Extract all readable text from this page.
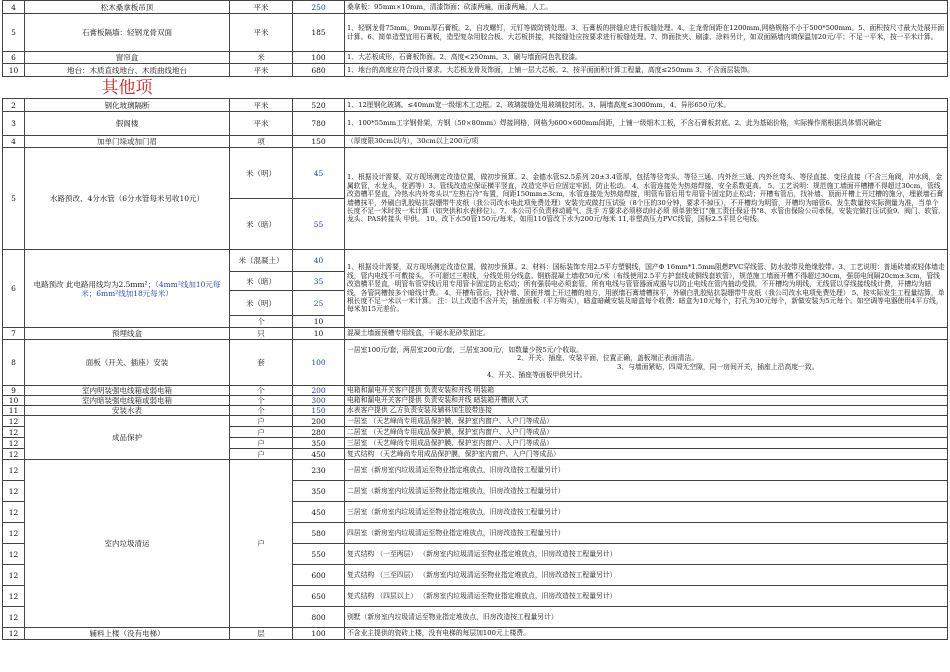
4	松木桑拿板吊顶	平米	250	桑拿板：95mm×10mm，清漆饰面；砍漆两遍，面漆两遍，人工。
5	石膏板隔墙：轻钢龙骨双面	平米	185	1、轻钢龙骨75mm，9mm厚石膏板。2、自攻螺钉，元钉等做防锈处理。3、石膏板的拼缝应进行板缝处理。4、主龙骨间距在1200mm,网格规格不小于500*500mm。5、面积按尺寸最大处展开面计算。6、简单造型宜用石膏板，造型复杂用胶合板、大芯板拼接，其接缝处应按要求进行板缝处理。7、饰面批夹、刷漆、涂料另计，如双面隔墙内填保温加20元/平；不足一平米，按一平米计算。
6	窗帘盒	米	100	1、大芯板成形，石膏板饰面。2、高度<250mm。3、刷与墙面同色乳胶漆。
10	地台：木质直线地台、木质曲线地台	平米	680	1、地台的高度应符合设计要求。大芯板龙骨及饰面，上铺一层大芯板。2、按平面面积计算工程量，高度≤250mm 3、不含面层装饰。
	其他项			
2	钢化玻璃隔断	平米	520	1、12厘钢化玻璃。≤40mm宽一级细木工边框。2、玻璃接缝处用玻璃胶封闭。3、隔墙高度≤3000mm，4、异形650元/米。
3	假阁楼	平米	780	1、100*55mm工字钢骨架，方钢（50×80mm）焊接网格，网格为600×600mm间距，上铺一级细木工板，不含石膏板封底。2、此为基础价格，实际操作需根据具体情况确定
4	加单门垛或加门眉	项	150	（厚度限30cm以内），30cm以上200元/项
5	水路预改、4分水管（6分水管每米另收10元）	米（明）	45	1、根据设计需要，双方现场测定改造位置，做初步预算。2、金德水管S2.5系列 20±3.4管厚，包括等径弯头、等径三通、内外丝三通、内外丝弯头、等径直接、变径直接（不含三角阀，冲水阀，金属软管，水龙头，花洒等）3、管线改造应保证横平竖直，改造完毕后应固定牢固，防止松动。 4、水管连接处为热熔焊接，安全系数更高。 5、工艺说明：规范施工墙面开槽槽不得超过30cm，管线改造槽平竖直，冷热水内外弯头以"左热右冷"布置，间距150mm±3cm，水管连接处为热熔焊接，明管布管后用专用管卡固定防止松动；开槽布管后，找补墙、顶面开槽上开过槽的施分，埋嵌墙石膏墙槽抹平，外刷白乳胶贴抗裂绷带牛皮纸（我公司改水电此项免费处理）安装完成做打压试验（8个压的30分钟，要求不掉压），不开槽均为明管，开槽均为暗管6、发生数量按实际测量为准，当单个长度不足一米时按一米计算（如突供和水表移位）。7、本公司不负责移动暖气、洗手 方要求必须移动时必须 须单独签订"施工责任保证书"8、水管由保险公司承保，安装完做打压试验9、阀门、软管、龙头、PAS转接头 甲供。 10、改下水50管150元/每米，如用110管改下水为200元/每米 11,非塑高压力PVC线管，国标2.5平昆仑电线。
		米（暗）	55	
6	电路预改 此电路用线均为2.5mm²；（4mm²线加10元每米；6mm²线加18元每米）	米（混凝土）	40	1、根据设计需要，双方现场测定改造位置，做初步预算。2、材料：国标装饰专用2.5平方塑铜线，国产Φ 16mm*1.5mm阻燃PVC穿线管、防水胶带及绝缘胶带。3、工艺说明：普通砖墙或轻体墙走线，管内电线不可敷接头，不可超过三根线，分线处用分线盒。钢筋混凝土墙收50元/米（布线使用2.5平方护套线或铜线套软管），规范施工墙面开槽不得超过30cm，强弱电间隔20cm±3cm，管线改造横平竖直，明管布管穿线后用专用管卡固定防止松动；所有强弱电必须套管，所有电线与管管器面成器与以防止电线在管内抽动受损，不开槽均为明线，无线管以穿线接线线计费，开槽均为暗线，各管同槽按多个暗线计费。 4、开槽布管后，找补墙、顶面并墙上开过槽的地方，用嵌墙石膏墙槽抹平，外刷白乳胶贴抗裂绷带牛皮纸（我公司改水电项免费处理） 5、按实际发生工程量结算，单根长度不足一米以一米计算。 注：以上改造不含开关，插座面板（平方购买），暗盒暗藏安装及暗盒每个收费：暗盒为10元每个，打孔为30元每个，新做安装为5元每个。如空调等电器使用4平方线，每米加15元差价。
		米（暗）	35	
		米（明）	25	
		个	10	
7	预埋线盒	只	10	混凝土墙面预槽专用线盒，干硬水泥砂浆固定。
8	面板（开关、插座）安装	套	100	一居室100元/套，两居室200元/套，三居室300元/，如数量少按5元/个收取。
2、开关、插座、安装平面，位置正确，盖板端正表面清洁。
3、与墙面紧贴，四周无空隙，同一房间开关，插座上沿高度一致。
4、开关、插座等面板甲供另计。

9	室内明装强电线箱或弱电箱	个	200	电箱和漏电开关客户提供 负责安装和并线 明装箱
10	室内暗装强电线箱或弱电箱	个	300	电箱和漏电开关客户提供 负责安装和并线 暗装箱开槽嵌入式
11	安装水表	个	150	水表客户提供 乙方负责安装及辅料加生胶带连接
12	成品保护	户	200	一居室 （天艺峰尚专用成品保护膜，保护室内窗户、入户门等成品）
12		户	280	二居室 （天艺峰尚专用成品保护膜，保护室内窗户、入户门等成品）
12		户	350	三居室 （天艺峰尚专用成品保护膜，保护室内窗户、入户门等成品）
12		户	450	复式结构 （天艺峰尚专用成品保护膜，保护室内窗户、入户门等成品）
12	室内垃圾清运	户	230	一居室（新房室内垃圾清运至物业指定堆放点，旧房改造按工程量另计）
12			350	二居室（新房室内垃圾清运至物业指定堆放点，旧房改造按工程量另计）
12			450	三居室（新房室内垃圾清运至物业指定堆放点，旧房改造按工程量另计）
12			580	四居室（新房室内垃圾清运至物业指定堆放点，旧房改造按工程量另计）
12			550	复式结构 （一至两层） （新房室内垃圾清运至物业指定堆放点，旧房改造按工程量另计）
12			600	复式结构 （三至四层） （新房室内垃圾清运至物业指定堆放点，旧房改造按工程量另计）
12			650	复式结构 （四层以上） （新房室内垃圾清运至物业指定堆放点，旧房改造按工程量另计）
12			800	别墅（新房室内垃圾清运至物业指定堆放点，旧房改造按工程量另计）
12	辅料上楼（没有电梯）	层	100	不含业主提供的瓷砖上楼，没有电梯的每层加100元上楼费。
